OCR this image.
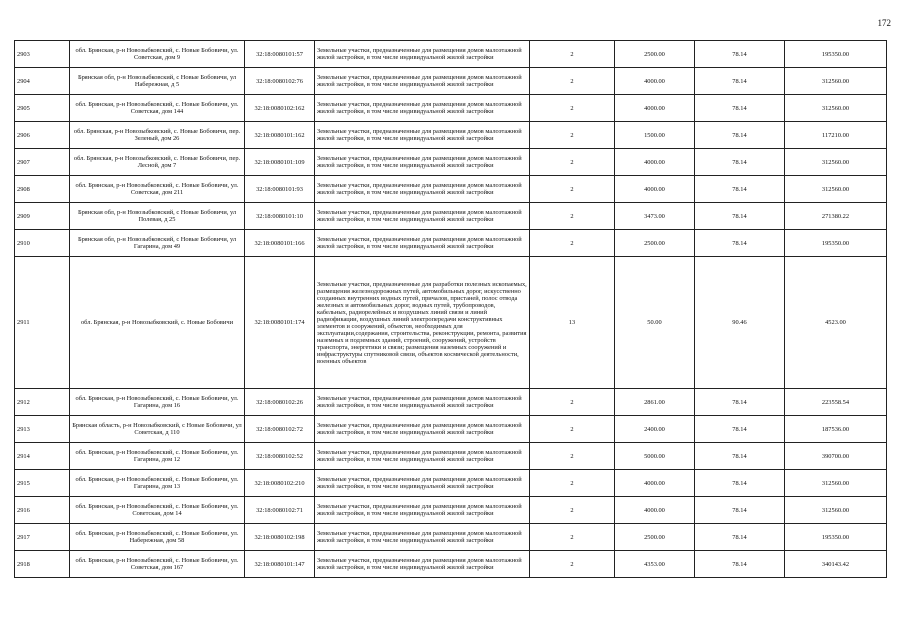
172
2903	обл. Брянская, р-н Новозыбковский, с. Новые Бобовичи, ул. Советская, дом 9	32:18:0080101:57	Земельные участки, предназначенные для размещения домов малоэтажной жилой застройки, в том числе индивидуальной жилой застройки	2	2500.00	78.14	195350.00
2904	Брянская обл, р-н Новозыбковский, с Новые Бобовичи, ул Набережная, д 5	32:18:0080102:76	Земельные участки, предназначенные для размещения домов малоэтажной жилой застройки, в том числе индивидуальной жилой застройки	2	4000.00	78.14	312560.00
2905	обл. Брянская, р-н Новозыбковский, с. Новые Бобовичи, ул. Советская, дом 144	32:18:0080102:162	Земельные участки, предназначенные для размещения домов малоэтажной жилой застройки, в том числе индивидуальной жилой застройки	2	4000.00	78.14	312560.00
2906	обл. Брянская, р-н Новозыбковский, с. Новые Бобовичи, пер. Зеленый, дом 26	32:18:0080101:162	Земельные участки, предназначенные для размещения домов малоэтажной жилой застройки, в том числе индивидуальной жилой застройки	2	1500.00	78.14	117210.00
2907	обл. Брянская, р-н Новозыбковский, с. Новые Бобовичи, пер. Лесной, дом 7	32:18:0080101:109	Земельные участки, предназначенные для размещения домов малоэтажной жилой застройки, в том числе индивидуальной жилой застройки	2	4000.00	78.14	312560.00
2908	обл. Брянская, р-н Новозыбковский, с. Новые Бобовичи, ул. Советская, дом 211	32:18:0080101:93	Земельные участки, предназначенные для размещения домов малоэтажной жилой застройки, в том числе индивидуальной жилой застройки	2	4000.00	78.14	312560.00
2909	Брянская обл, р-н Новозыбковский, с Новые Бобовичи, ул Полевая, д 25	32:18:0080101:10	Земельные участки, предназначенные для размещения домов малоэтажной жилой застройки, в том числе индивидуальной жилой застройки	2	3473.00	78.14	271380.22
2910	Брянская обл, р-н Новозыбковский, с Новые Бобовичи, ул Гагарина, дом 49	32:18:0080101:166	Земельные участки, предназначенные для размещения домов малоэтажной жилой застройки, в том числе индивидуальной жилой застройки	2	2500.00	78.14	195350.00
2911	обл. Брянская, р-н Новозыбковский, с. Новые Бобовичи	32:18:0080101:174	Земельные участки, предназначенные для разработки полезных ископаемых, размещения железнодорожных путей, автомобильных дорог, искусственно созданных внутренних водных путей, причалов, пристаней, полос отвода железных и автомобильных дорог, водных путей, трубопроводов, кабельных, радиорелейных и воздушных линий связи и линий радиофикации, воздушных линий электропередачи конструктивных элементов и сооружений, объектов, необходимых для эксплуатации,содержания, строительства, реконструкции, ремонта, развития наземных и подземных зданий, строений, сооружений, устройств транспорта, энергетики и связи; размещения наземных сооружений и инфраструктуры спутниковой связи, объектов космической деятельности, военных объектов	13	50.00	90.46	4523.00
2912	обл. Брянская, р-н Новозыбковский, с. Новые Бобовичи, ул. Гагарина, дом 16	32:18:0080102:26	Земельные участки, предназначенные для размещения домов малоэтажной жилой застройки, в том числе индивидуальной жилой застройки	2	2861.00	78.14	223558.54
2913	Брянская область, р-н Новозыбковский, с Новые Бобовичи, ул Советская, д 110	32:18:0080102:72	Земельные участки, предназначенные для размещения домов малоэтажной жилой застройки, в том числе индивидуальной жилой застройки	2	2400.00	78.14	187536.00
2914	обл. Брянская, р-н Новозыбковский, с. Новые Бобовичи, ул. Гагарина, дом 12	32:18:0080102:52	Земельные участки, предназначенные для размещения домов малоэтажной жилой застройки, в том числе индивидуальной жилой застройки	2	5000.00	78.14	390700.00
2915	обл. Брянская, р-н Новозыбковский, с. Новые Бобовичи, ул. Гагарина, дом 13	32:18:0080102:210	Земельные участки, предназначенные для размещения домов малоэтажной жилой застройки, в том числе индивидуальной жилой застройки	2	4000.00	78.14	312560.00
2916	обл. Брянская, р-н Новозыбковский, с. Новые Бобовичи, ул. Советская, дом 14	32:18:0080102:71	Земельные участки, предназначенные для размещения домов малоэтажной жилой застройки, в том числе индивидуальной жилой застройки	2	4000.00	78.14	312560.00
2917	обл. Брянская, р-н Новозыбковский, с. Новые Бобовичи, ул. Набережная, дом 58	32:18:0080102:198	Земельные участки, предназначенные для размещения домов малоэтажной жилой застройки, в том числе индивидуальной жилой застройки	2	2500.00	78.14	195350.00
2918	обл. Брянская, р-н Новозыбковский, с. Новые Бобовичи, ул. Советская, дом 167	32:18:0080101:147	Земельные участки, предназначенные для размещения домов малоэтажной жилой застройки, в том числе индивидуальной жилой застройки	2	4353.00	78.14	340143.42
